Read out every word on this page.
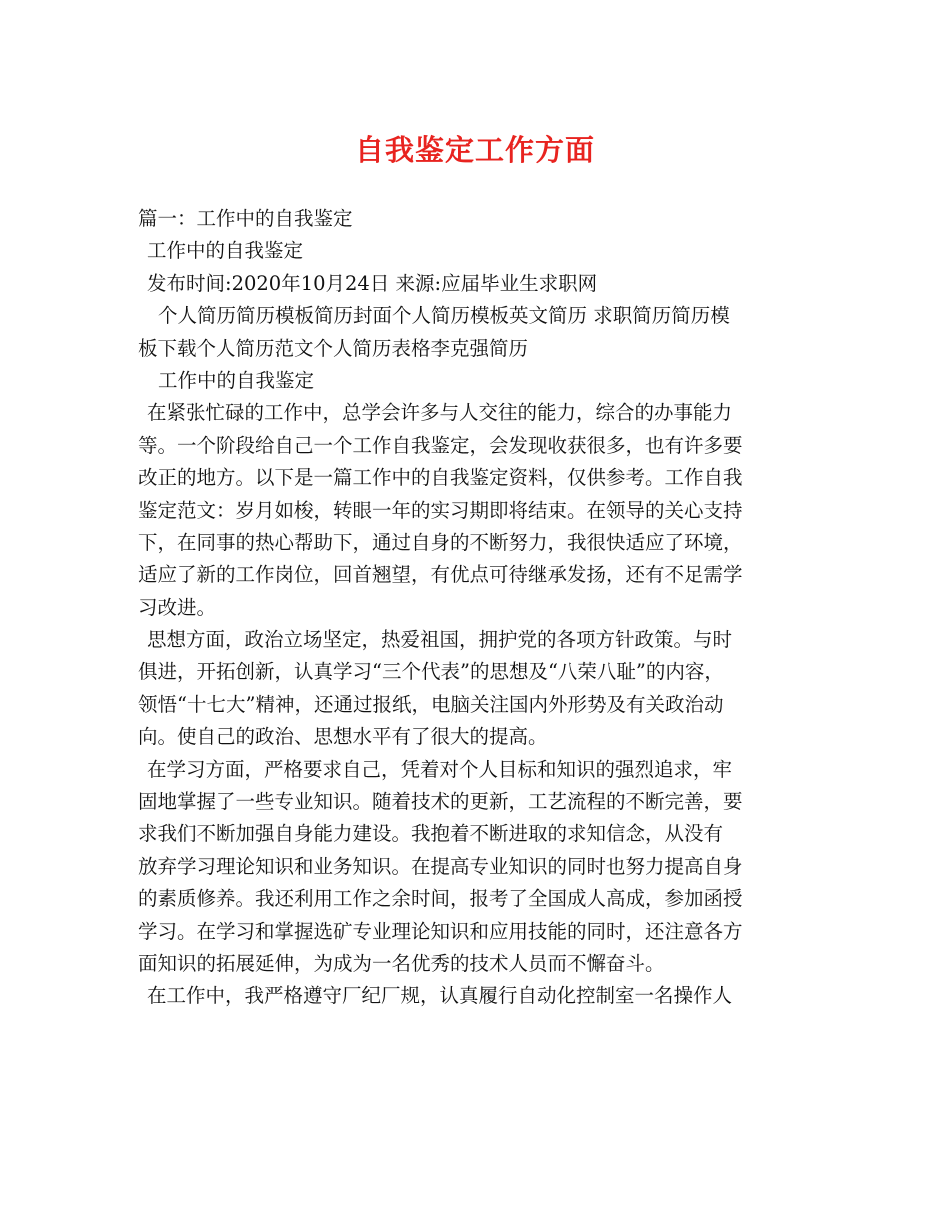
自我鉴定工作方面
篇一：工作中的自我鉴定
工作中的自我鉴定
发布时间:2020年10月24日 来源:应届毕业生求职网
个人简历简历模板简历封面个人简历模板英文简历 求职简历简历模
板下载个人简历范文个人简历表格李克强简历
工作中的自我鉴定
在紧张忙碌的工作中，总学会许多与人交往的能力，综合的办事能力
等。一个阶段给自己一个工作自我鉴定，会发现收获很多，也有许多要
改正的地方。以下是一篇工作中的自我鉴定资料，仅供参考。工作自我
鉴定范文：岁月如梭，转眼一年的实习期即将结束。在领导的关心支持
下，在同事的热心帮助下，通过自身的不断努力，我很快适应了环境，
适应了新的工作岗位，回首翘望，有优点可待继承发扬，还有不足需学
习改进。
思想方面，政治立场坚定，热爱祖国，拥护党的各项方针政策。与时
俱进，开拓创新，认真学习“三个代表”的思想及“八荣八耻”的内容，
领悟“十七大”精神，还通过报纸，电脑关注国内外形势及有关政治动
向。使自己的政治、思想水平有了很大的提高。
在学习方面，严格要求自己，凭着对个人目标和知识的强烈追求，牢
固地掌握了一些专业知识。随着技术的更新，工艺流程的不断完善，要
求我们不断加强自身能力建设。我抱着不断进取的求知信念，从没有
放弃学习理论知识和业务知识。在提高专业知识的同时也努力提高自身
的素质修养。我还利用工作之余时间，报考了全国成人高成，参加函授
学习。在学习和掌握选矿专业理论知识和应用技能的同时，还注意各方
面知识的拓展延伸，为成为一名优秀的技术人员而不懈奋斗。
在工作中，我严格遵守厂纪厂规，认真履行自动化控制室一名操作人
